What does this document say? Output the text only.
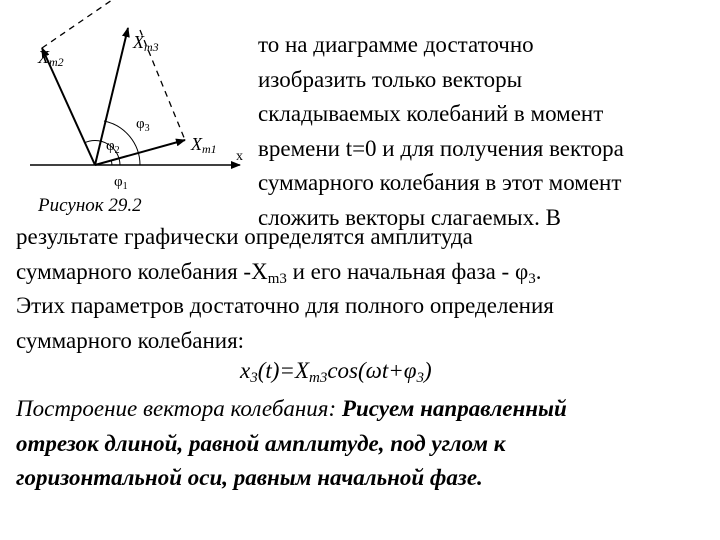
Xm3
Xm2
Xm1 x
$\varphi_3$
$\varphi_2$
$\varphi_1$
Рисунок 29.2
то на диаграмме достаточно
изобразить только векторы
складываемых колебаний в момент
времени t=0 и для получения вектора
суммарного колебания в этот момент
сложить векторы слагаемых. В
результате графически определятся амплитуда
суммарного колебания $-X_{m3}$ и его начальная фаза - $\varphi_3$.
Этих параметров достаточно для полного определения
суммарного колебания:
$x_3(t)=X_{m3}\cos(\omega t+\varphi_3)$
Построение вектора колебания: Рисуем направленный
отрезок длиной, равной амплитуде, под углом к
горизонтальной оси, равным начальной фазе.
